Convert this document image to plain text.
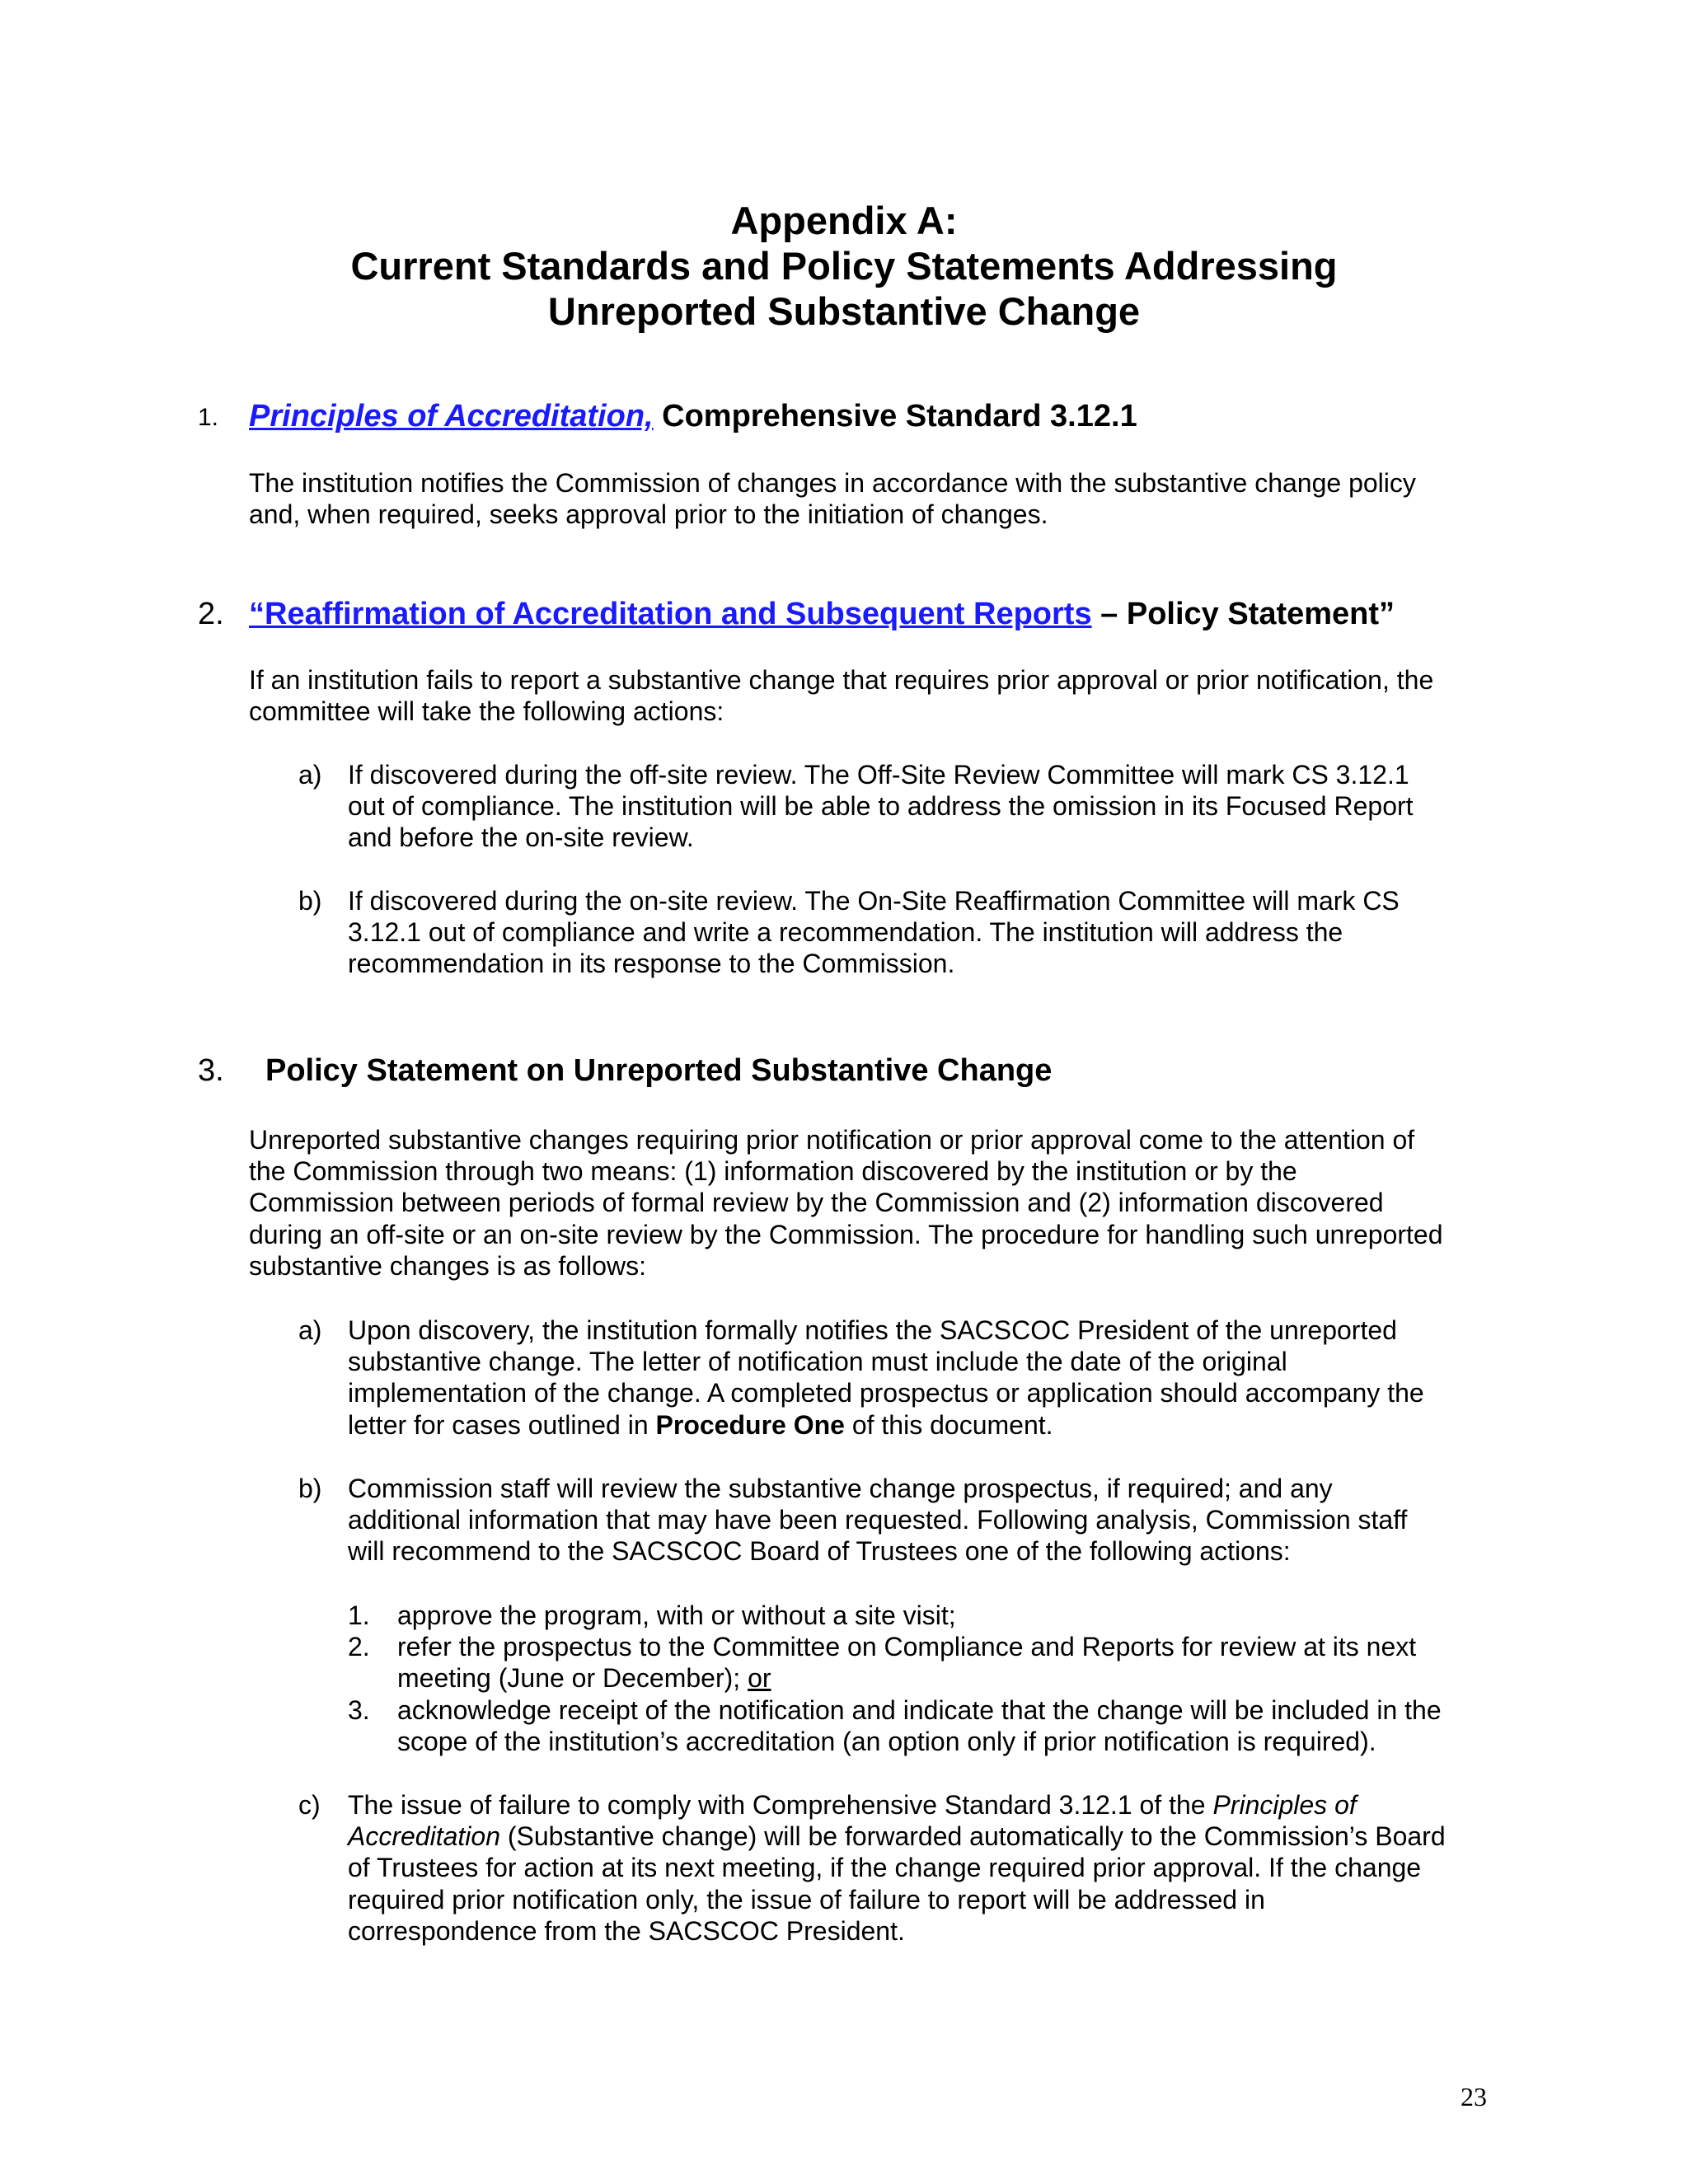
Appendix A:
Current Standards and Policy Statements Addressing
Unreported Substantive Change
1. Principles of Accreditation, Comprehensive Standard 3.12.1
The institution notifies the Commission of changes in accordance with the substantive change policy
and, when required, seeks approval prior to the initiation of changes.
2. “Reaffirmation of Accreditation and Subsequent Reports – Policy Statement”
If an institution fails to report a substantive change that requires prior approval or prior notification, the
committee will take the following actions:
a) If discovered during the off-site review. The Off-Site Review Committee will mark CS 3.12.1
out of compliance. The institution will be able to address the omission in its Focused Report
and before the on-site review.
b) If discovered during the on-site review. The On-Site Reaffirmation Committee will mark CS
3.12.1 out of compliance and write a recommendation. The institution will address the
recommendation in its response to the Commission.
3. Policy Statement on Unreported Substantive Change
Unreported substantive changes requiring prior notification or prior approval come to the attention of
the Commission through two means: (1) information discovered by the institution or by the
Commission between periods of formal review by the Commission and (2) information discovered
during an off-site or an on-site review by the Commission. The procedure for handling such unreported
substantive changes is as follows:
a) Upon discovery, the institution formally notifies the SACSCOC President of the unreported
substantive change. The letter of notification must include the date of the original
implementation of the change. A completed prospectus or application should accompany the
letter for cases outlined in Procedure One of this document.
b) Commission staff will review the substantive change prospectus, if required; and any
additional information that may have been requested. Following analysis, Commission staff
will recommend to the SACSCOC Board of Trustees one of the following actions:
1. approve the program, with or without a site visit;
2. refer the prospectus to the Committee on Compliance and Reports for review at its next
meeting (June or December); or
3. acknowledge receipt of the notification and indicate that the change will be included in the
scope of the institution’s accreditation (an option only if prior notification is required).
c) The issue of failure to comply with Comprehensive Standard 3.12.1 of the Principles of
Accreditation (Substantive change) will be forwarded automatically to the Commission’s Board
of Trustees for action at its next meeting, if the change required prior approval. If the change
required prior notification only, the issue of failure to report will be addressed in
correspondence from the SACSCOC President.
23
